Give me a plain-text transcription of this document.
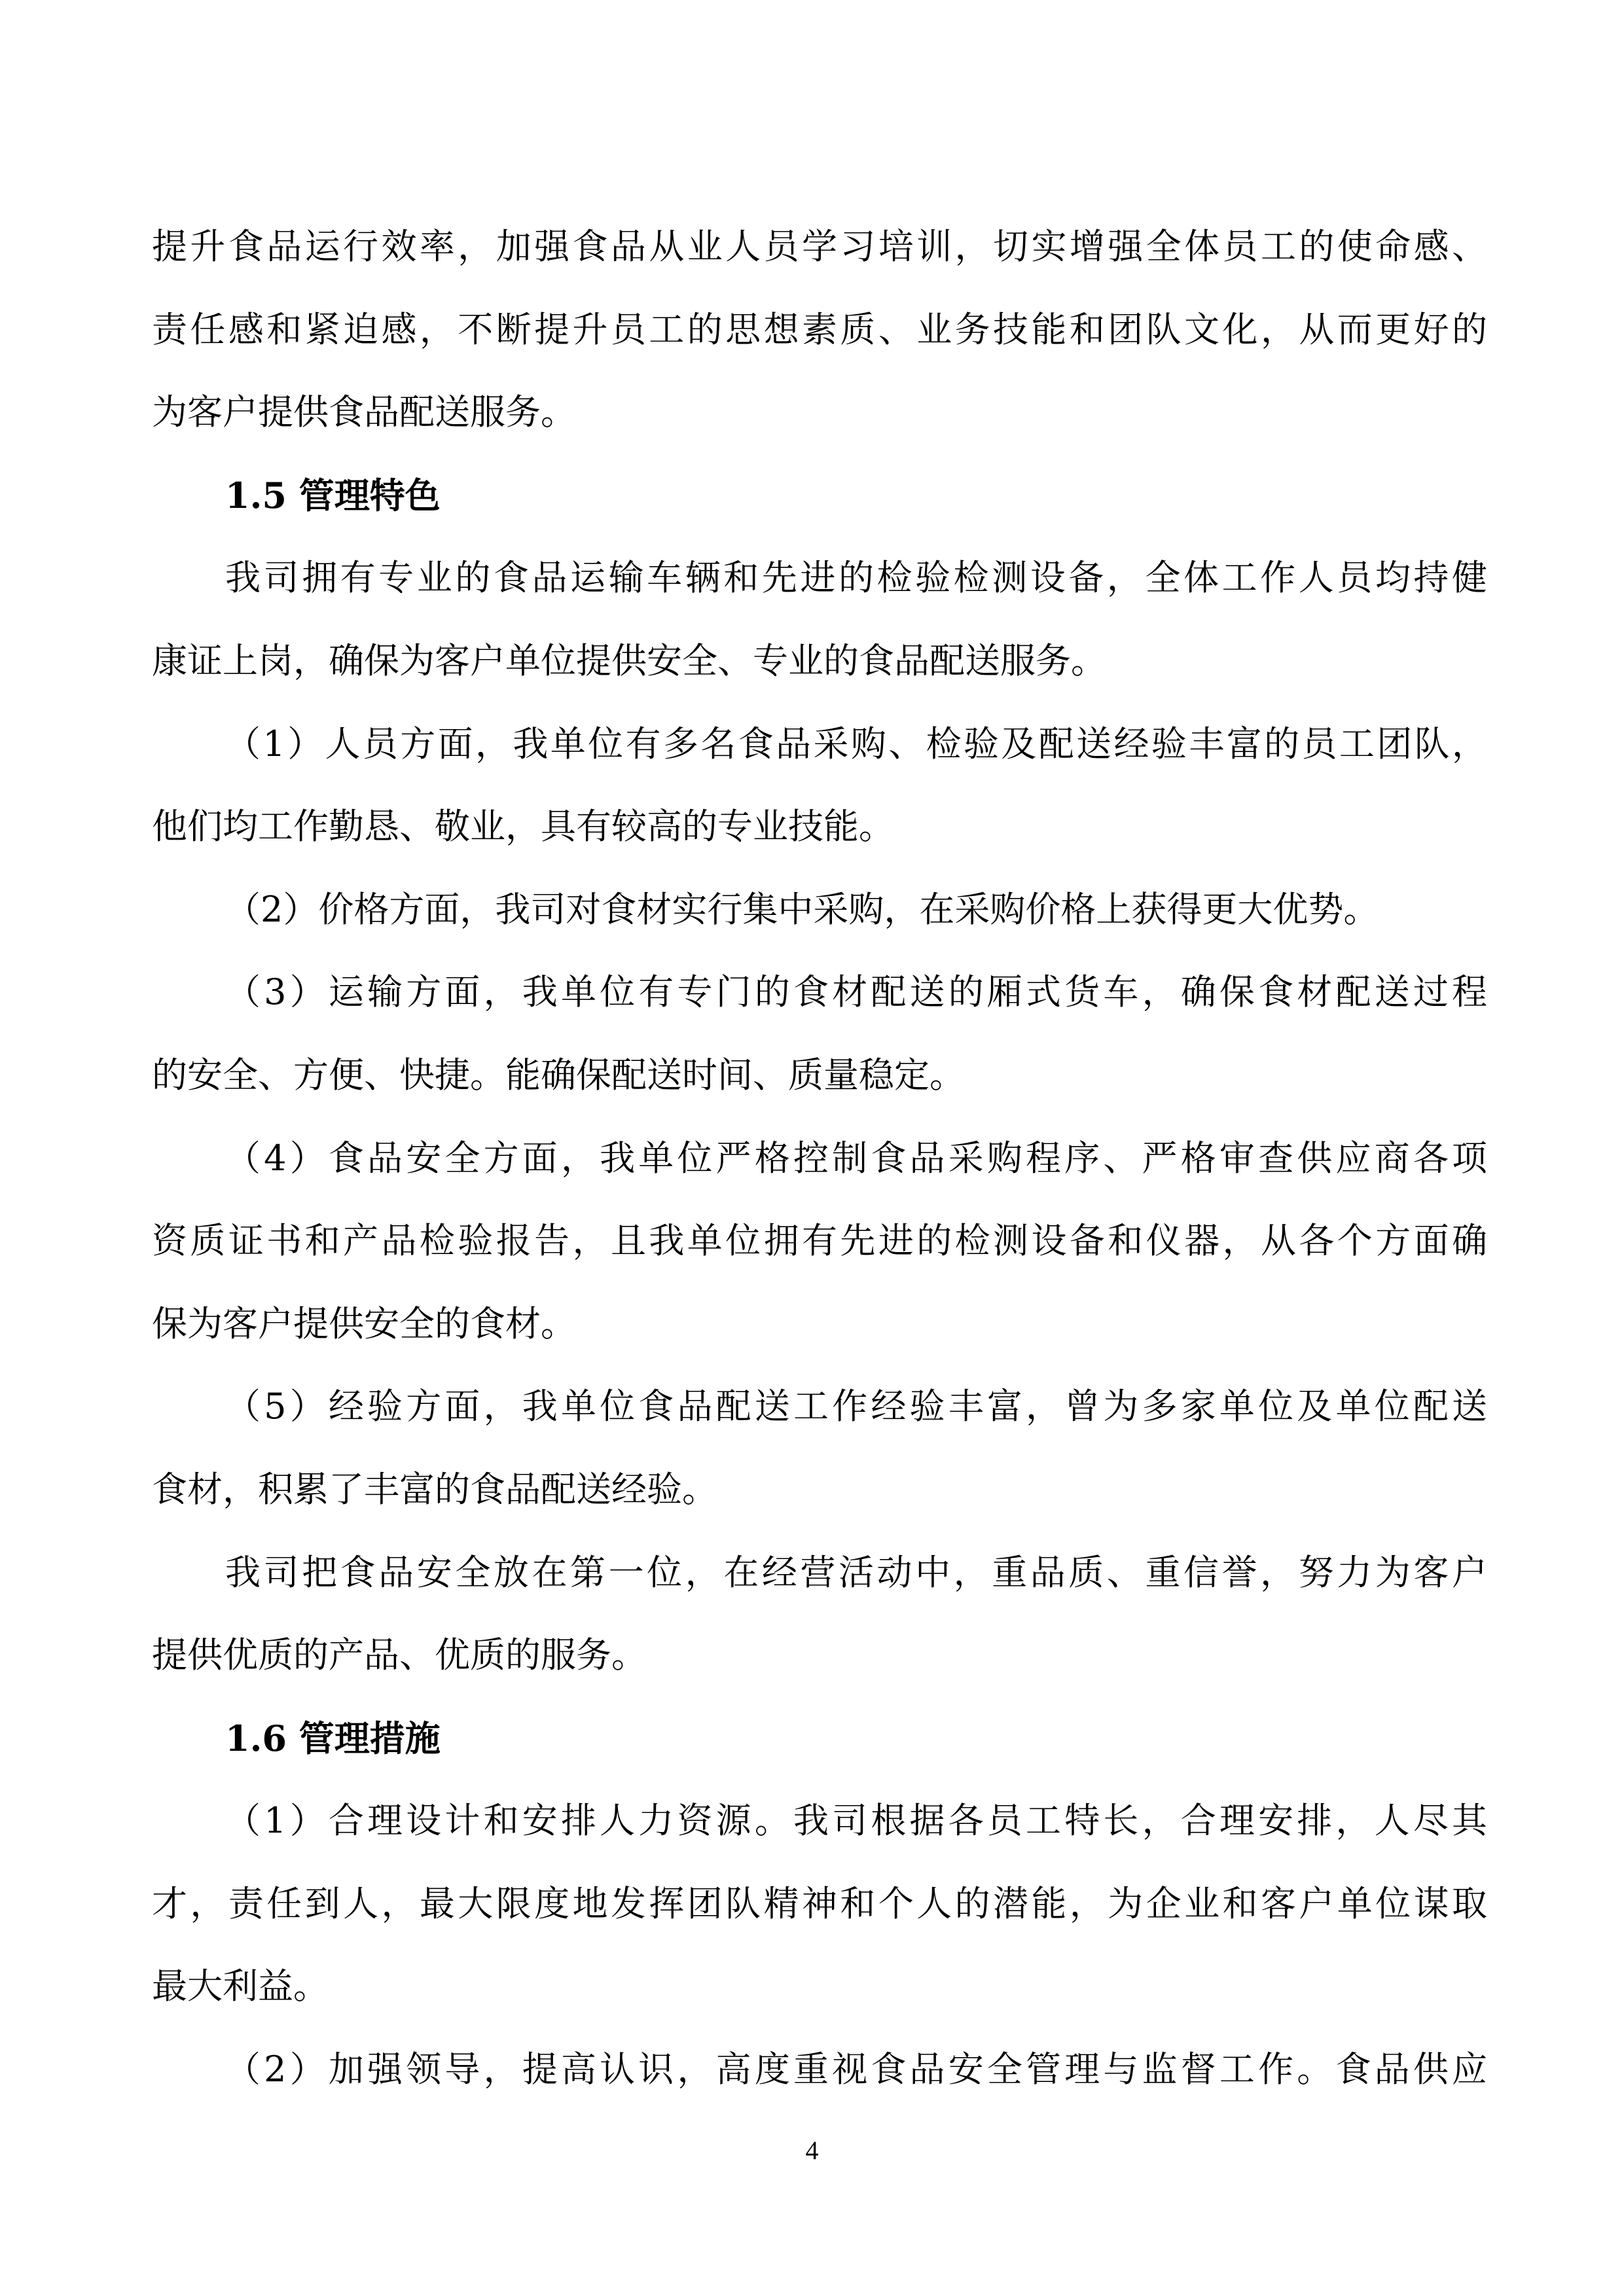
提升食品运行效率，加强食品从业人员学习培训，切实增强全体员工的使命感、
责任感和紧迫感，不断提升员工的思想素质、业务技能和团队文化，从而更好的
为客户提供食品配送服务。
1.5 管理特色
我司拥有专业的食品运输车辆和先进的检验检测设备，全体工作人员均持健
康证上岗，确保为客户单位提供安全、专业的食品配送服务。
（1）人员方面，我单位有多名食品采购、检验及配送经验丰富的员工团队，
他们均工作勤恳、敬业，具有较高的专业技能。
（2）价格方面，我司对食材实行集中采购，在采购价格上获得更大优势。
（3）运输方面，我单位有专门的食材配送的厢式货车，确保食材配送过程
的安全、方便、快捷。能确保配送时间、质量稳定。
（4）食品安全方面，我单位严格控制食品采购程序、严格审查供应商各项
资质证书和产品检验报告，且我单位拥有先进的检测设备和仪器，从各个方面确
保为客户提供安全的食材。
（5）经验方面，我单位食品配送工作经验丰富，曾为多家单位及单位配送
食材，积累了丰富的食品配送经验。
我司把食品安全放在第一位，在经营活动中，重品质、重信誉，努力为客户
提供优质的产品、优质的服务。
1.6 管理措施
（1）合理设计和安排人力资源。我司根据各员工特长，合理安排，人尽其
才，责任到人，最大限度地发挥团队精神和个人的潜能，为企业和客户单位谋取
最大利益。
（2）加强领导，提高认识，高度重视食品安全管理与监督工作。食品供应
4
